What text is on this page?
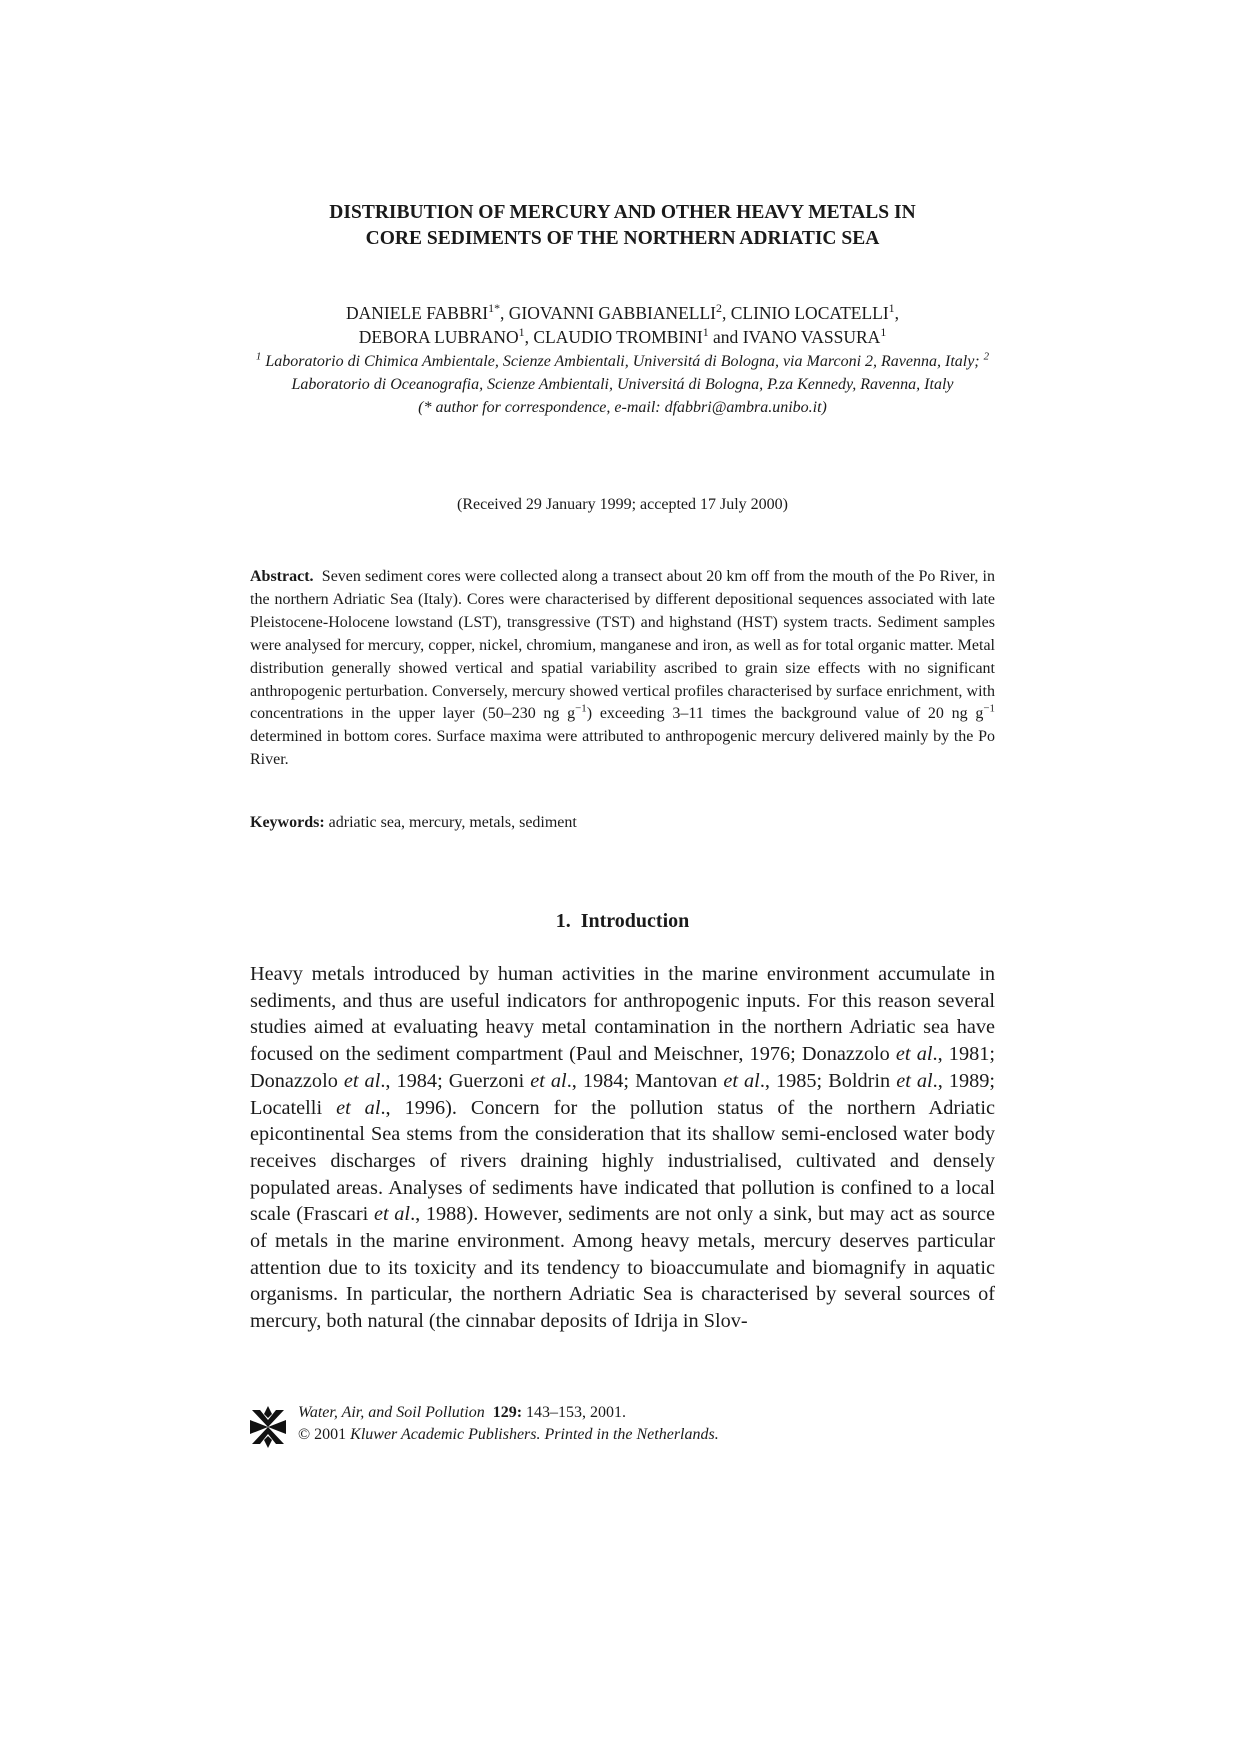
DISTRIBUTION OF MERCURY AND OTHER HEAVY METALS IN
CORE SEDIMENTS OF THE NORTHERN ADRIATIC SEA

DANIELE $FABBRI^{1*}$, GIOVANNI GABBIANELLI$^2$, CLINIO LOCATELLI$^1$,
DEBORA LUBRANO$^1$, CLAUDIO TROMBINI$^1$ and IVANO VASSURA$^1$

$^1$ Laboratorio di Chimica Ambientale, Scienze Ambientali, Universitá di Bologna, via Marconi 2, Ravenna, Italy; $^2$ Laboratorio di Oceanografia, Scienze Ambientali, Universitá di Bologna, P.za Kennedy, Ravenna, Italy
(* author for correspondence, e-mail: dfabbri@ambra.unibo.it)

(Received 29 January 1999; accepted 17 July 2000)

Abstract. Seven sediment cores were collected along a transect about 20 km off from the mouth of the Po River, in the northern Adriatic Sea (Italy). Cores were characterised by different depositional sequences associated with late Pleistocene-Holocene lowstand (LST), transgressive (TST) and highstand (HST) system tracts. Sediment samples were analysed for mercury, copper, nickel, chromium, manganese and iron, as well as for total organic matter. Metal distribution generally showed vertical and spatial variability ascribed to grain size effects with no significant anthropogenic perturbation. Conversely, mercury showed vertical profiles characterised by surface enrichment, with concentrations in the upper layer (50–230 ng $g^{-1}$) exceeding 3–11 times the background value of 20 ng $g^{-1}$ determined in bottom cores. Surface maxima were attributed to anthropogenic mercury delivered mainly by the Po River.

Keywords: adriatic sea, mercury, metals, sediment

1. Introduction

Heavy metals introduced by human activities in the marine environment accumulate in sediments, and thus are useful indicators for anthropogenic inputs. For this reason several studies aimed at evaluating heavy metal contamination in the northern Adriatic sea have focused on the sediment compartment (Paul and Meischner, 1976; Donazzolo et al., 1981; Donazzolo et al., 1984; Guerzoni et al., 1984; Mantovan et al., 1985; Boldrin et al., 1989; Locatelli et al., 1996). Concern for the pollution status of the northern Adriatic epicontinental Sea stems from the consideration that its shallow semi-enclosed water body receives discharges of rivers draining highly industrialised, cultivated and densely populated areas. Analyses of sediments have indicated that pollution is confined to a local scale (Frascari et al., 1988). However, sediments are not only a sink, but may act as source of metals in the marine environment. Among heavy metals, mercury deserves particular attention due to its toxicity and its tendency to bioaccumulate and biomagnify in aquatic organisms. In particular, the northern Adriatic Sea is characterised by several sources of mercury, both natural (the cinnabar deposits of Idrija in Slov-

Water, Air, and Soil Pollution 129: 143–153, 2001.
© 2001 Kluwer Academic Publishers. Printed in the Netherlands.
